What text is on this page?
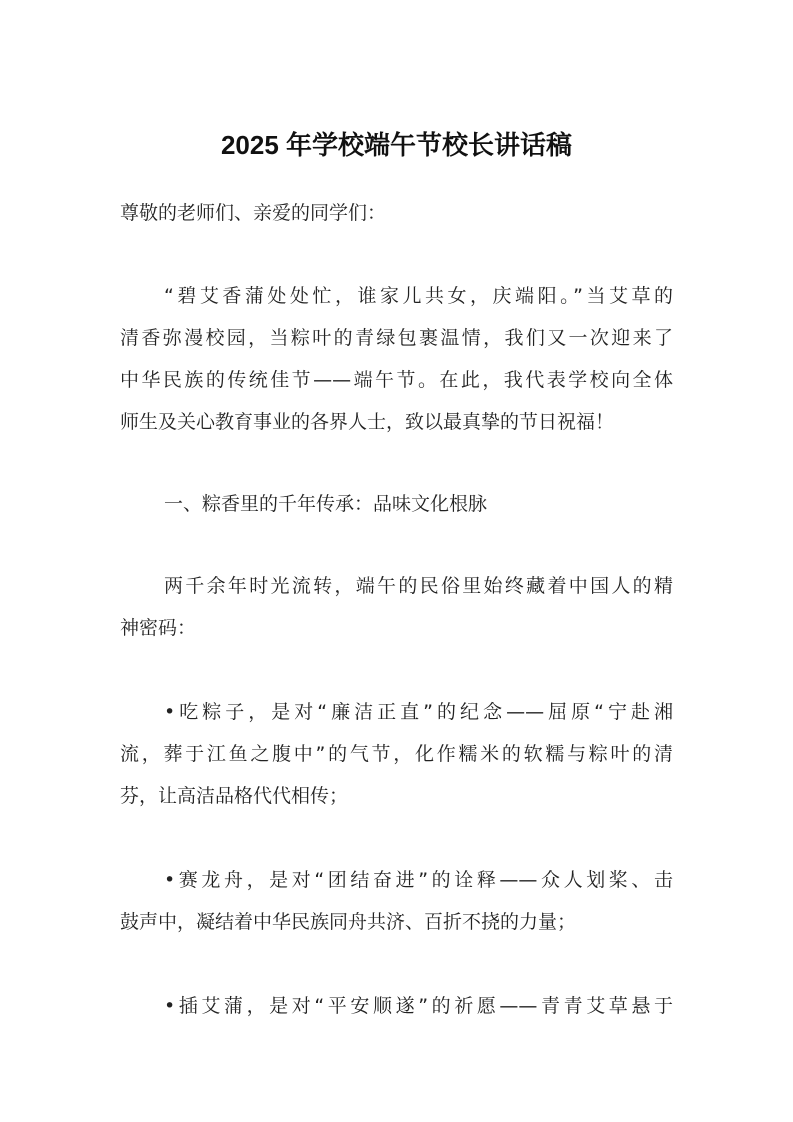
2025 年学校端午节校长讲话稿
尊敬的老师们、亲爱的同学们：
“碧艾香蒲处处忙，谁家儿共女，庆端阳。”当艾草的
清香弥漫校园，当粽叶的青绿包裹温情，我们又一次迎来了
中华民族的传统佳节——端午节。在此，我代表学校向全体
师生及关心教育事业的各界人士，致以最真挚的节日祝福！
一、粽香里的千年传承：品味文化根脉
两千余年时光流转，端午的民俗里始终藏着中国人的精
神密码：
•吃粽子，是对“廉洁正直”的纪念——屈原“宁赴湘
流，葬于江鱼之腹中”的气节，化作糯米的软糯与粽叶的清
芬，让高洁品格代代相传；
•赛龙舟，是对“团结奋进”的诠释——众人划桨、击
鼓声中，凝结着中华民族同舟共济、百折不挠的力量；
•插艾蒲，是对“平安顺遂”的祈愿——青青艾草悬于
